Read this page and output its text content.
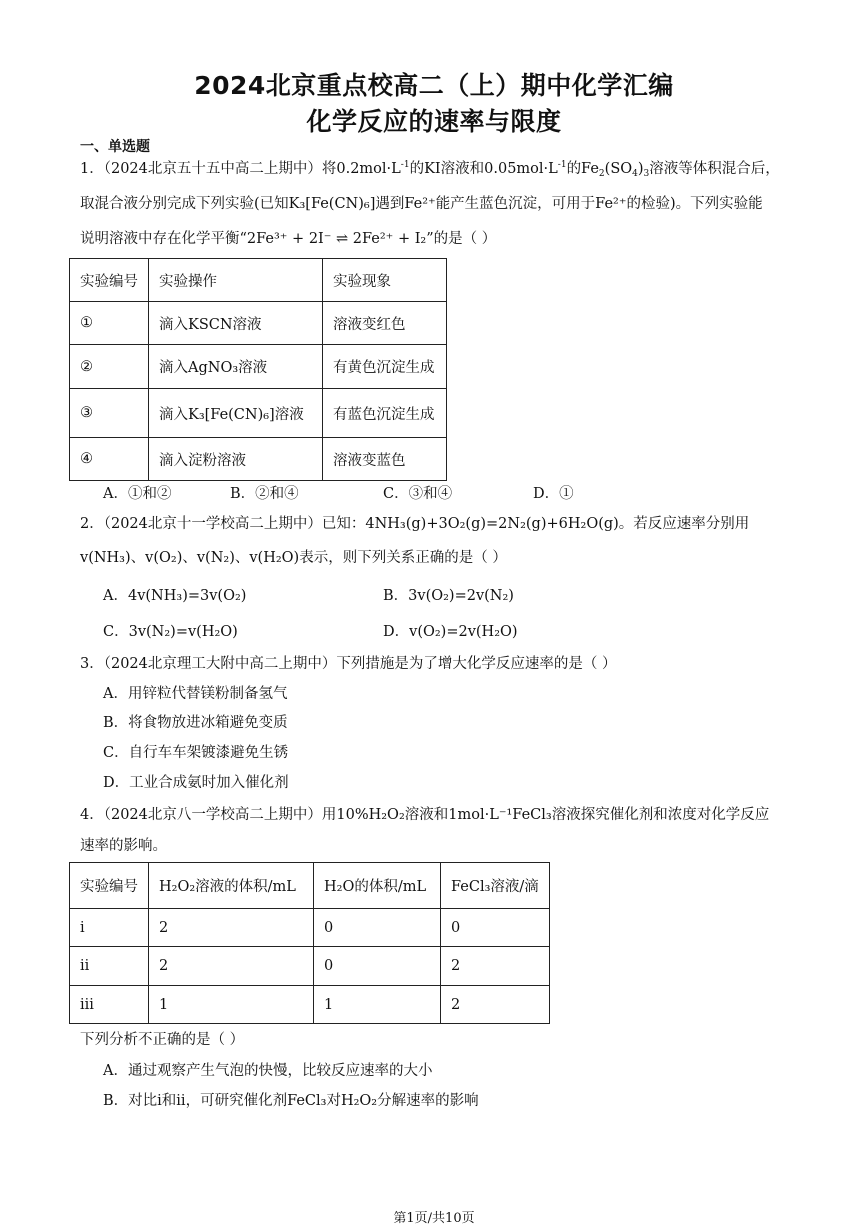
2024北京重点校高二（上）期中化学汇编
化学反应的速率与限度
一、单选题
1．（2024北京五十五中高二上期中）将$0.2mol\cdot L^{-1}$的KI溶液和$0.05mol\cdot L^{-1}$的$Fe_2(SO_4)_3$溶液等体积混合后，
取混合液分别完成下列实验(已知K₃[Fe(CN)₆]遇到Fe²⁺能产生蓝色沉淀，可用于Fe²⁺的检验)。下列实验能
说明溶液中存在化学平衡“2Fe³⁺ + 2I⁻ ⇌ 2Fe²⁺ + I₂”的是（ ）
实验编号	实验操作	实验现象
①	滴入KSCN溶液	溶液变红色
②	滴入AgNO₃溶液	有黄色沉淀生成
③	滴入K₃[Fe(CN)₆]溶液	有蓝色沉淀生成
④	滴入淀粉溶液	溶液变蓝色
A．①和②	B．②和④	C．③和④	D．①
2．（2024北京十一学校高二上期中）已知：4NH₃(g)+3O₂(g)=2N₂(g)+6H₂O(g)。若反应速率分别用
v(NH₃)、v(O₂)、v(N₂)、v(H₂O)表示，则下列关系正确的是（ ）
A．4v(NH₃)=3v(O₂)	B．3v(O₂)=2v(N₂)
C．3v(N₂)=v(H₂O)	D．v(O₂)=2v(H₂O)
3．（2024北京理工大附中高二上期中）下列措施是为了增大化学反应速率的是（ ）
A．用锌粒代替镁粉制备氢气
B．将食物放进冰箱避免变质
C．自行车车架镀漆避免生锈
D．工业合成氨时加入催化剂
4．（2024北京八一学校高二上期中）用10%H₂O₂溶液和1mol·L⁻¹FeCl₃溶液探究催化剂和浓度对化学反应
速率的影响。
实验编号	H₂O₂溶液的体积/mL	H₂O的体积/mL	FeCl₃溶液/滴
i	2	0	0
ii	2	0	2
iii	1	1	2
下列分析不正确的是（ ）
A．通过观察产生气泡的快慢，比较反应速率的大小
B．对比i和ii，可研究催化剂FeCl₃对H₂O₂分解速率的影响
第1页/共10页
